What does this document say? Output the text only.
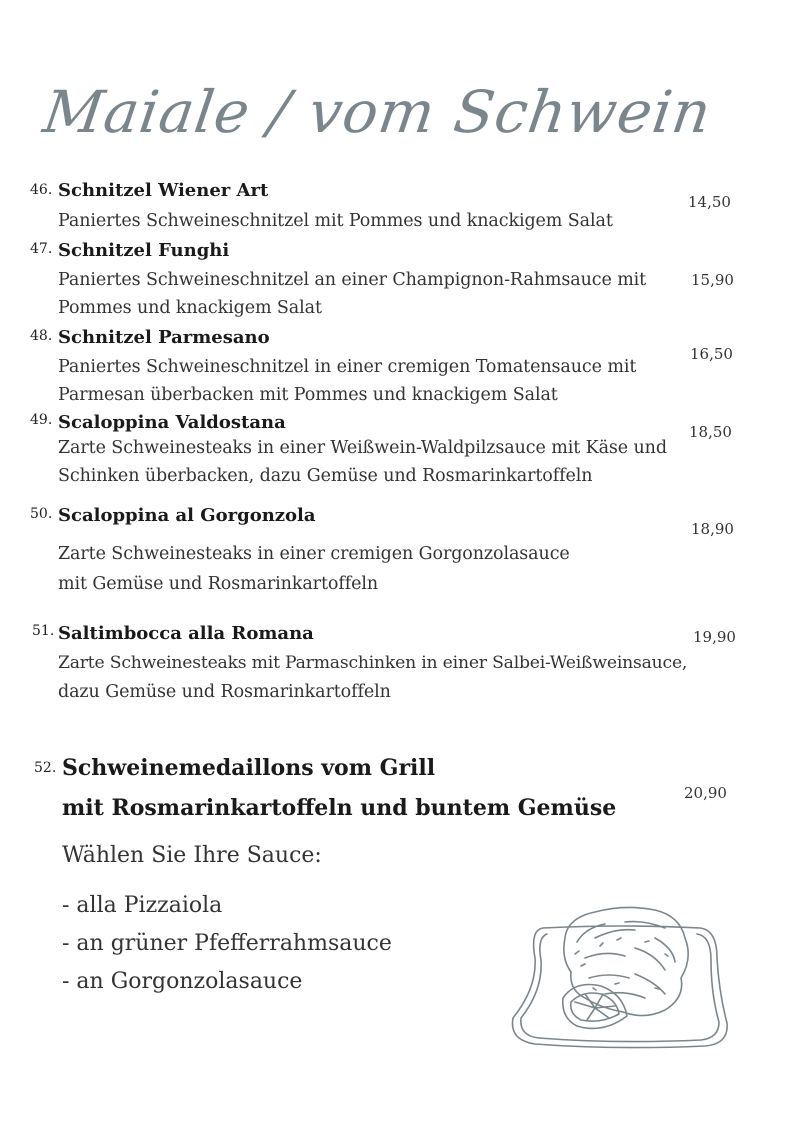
Maiale / vom Schwein
46. Schnitzel Wiener Art
Paniertes Schweineschnitzel mit Pommes und knackigem Salat
14,50
47. Schnitzel Funghi
Paniertes Schweineschnitzel an einer Champignon-Rahmsauce mit
Pommes und knackigem Salat
15,90
48. Schnitzel Parmesano
Paniertes Schweineschnitzel in einer cremigen Tomatensauce mit
Parmesan überbacken mit Pommes und knackigem Salat
16,50
49. Scaloppina Valdostana
Zarte Schweinesteaks in einer Weißwein-Waldpilzsauce mit Käse und
Schinken überbacken, dazu Gemüse und Rosmarinkartoffeln
18,50
50. Scaloppina al Gorgonzola
Zarte Schweinesteaks in einer cremigen Gorgonzolasauce
mit Gemüse und Rosmarinkartoffeln
18,90
51. Saltimbocca alla Romana
Zarte Schweinesteaks mit Parmaschinken in einer Salbei-Weißweinsauce,
dazu Gemüse und Rosmarinkartoffeln
19,90
52. Schweinemedaillons vom Grill
mit Rosmarinkartoffeln und buntem Gemüse
20,90
Wählen Sie Ihre Sauce:
- alla Pizzaiola
- an grüner Pfefferrahmsauce
- an Gorgonzolasauce
